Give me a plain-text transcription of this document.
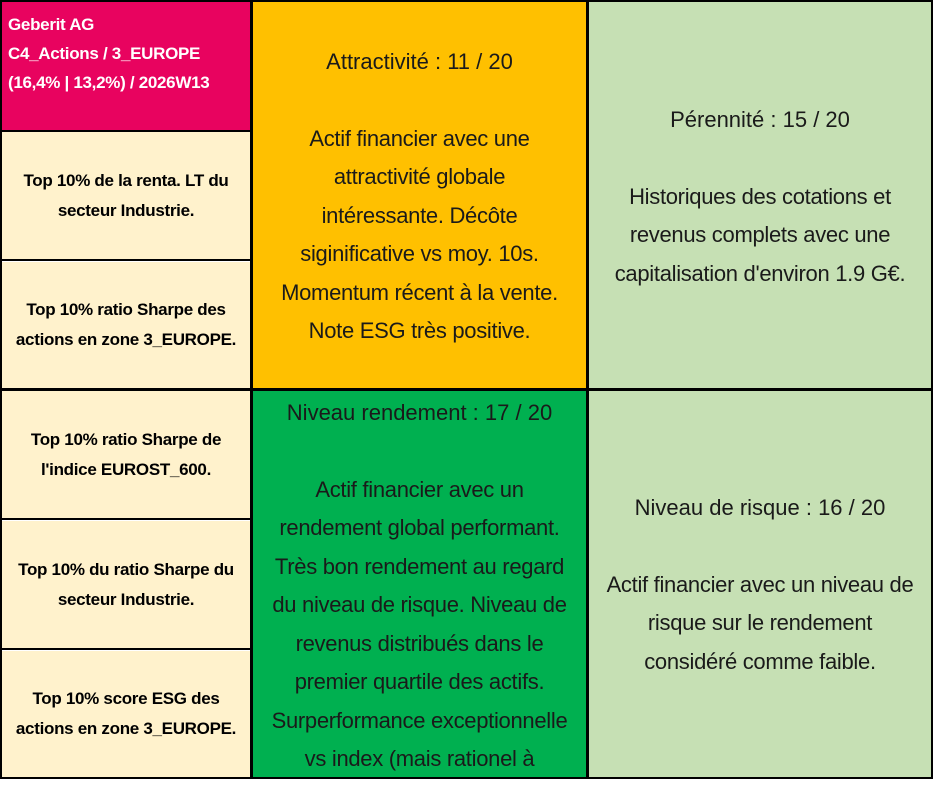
Geberit AG
C4_Actions / 3_EUROPE
(16,4% | 13,2%) / 2026W13
Top 10% de la renta. LT du
secteur Industrie.
Top 10% ratio Sharpe des
actions en zone 3_EUROPE.
Top 10% ratio Sharpe de
l'indice EUROST_600.
Top 10% du ratio Sharpe du
secteur Industrie.
Top 10% score ESG des
actions en zone 3_EUROPE.
Attractivité : 11 / 20
Actif financier avec une
attractivité globale
intéressante. Décôte
siginificative vs moy. 10s.
Momentum récent à la vente.
Note ESG très positive.
Pérennité : 15 / 20
Historiques des cotations et
revenus complets avec une
capitalisation d'environ 1.9 G€.
Niveau rendement : 17 / 20
Actif financier avec un
rendement global performant.
Très bon rendement au regard
du niveau de risque. Niveau de
revenus distribués dans le
premier quartile des actifs.
Surperformance exceptionnelle
vs index (mais rationel à
Niveau de risque : 16 / 20
Actif financier avec un niveau de
risque sur le rendement
considéré comme faible.
